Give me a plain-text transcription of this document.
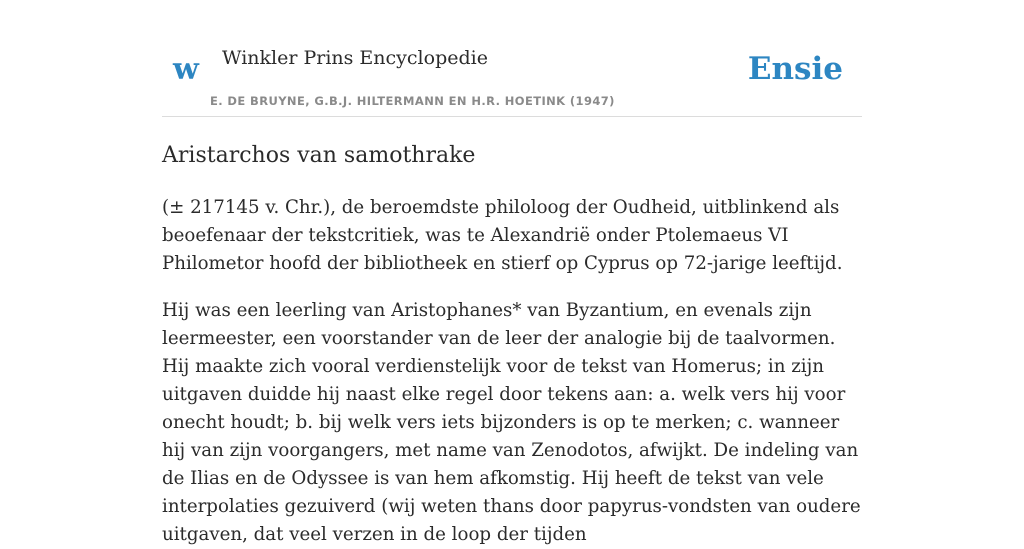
w Winkler Prins Encyclopedie
E. DE BRUYNE, G.B.J. HILTERMANN EN H.R. HOETINK (1947)
Ensie
Aristarchos van samothrake

(± 217145 v. Chr.), de beroemdste philoloog der Oudheid, uitblinkend als beoefenaar der tekstcritiek, was te Alexandrië onder Ptolemaeus VI Philometor hoofd der bibliotheek en stierf op Cyprus op 72-jarige leeftijd.

Hij was een leerling van Aristophanes* van Byzantium, en evenals zijn leermeester, een voorstander van de leer der analogie bij de taalvormen. Hij maakte zich vooral verdienstelijk voor de tekst van Homerus; in zijn uitgaven duidde hij naast elke regel door tekens aan: a. welk vers hij voor onecht houdt; b. bij welk vers iets bijzonders is op te merken; c. wanneer hij van zijn voorgangers, met name van Zenodotos, afwijkt. De indeling van de Ilias en de Odyssee is van hem afkomstig. Hij heeft de tekst van vele interpolaties gezuiverd (wij weten thans door papyrus-vondsten van oudere uitgaven, dat veel verzen in de loop der tijden
